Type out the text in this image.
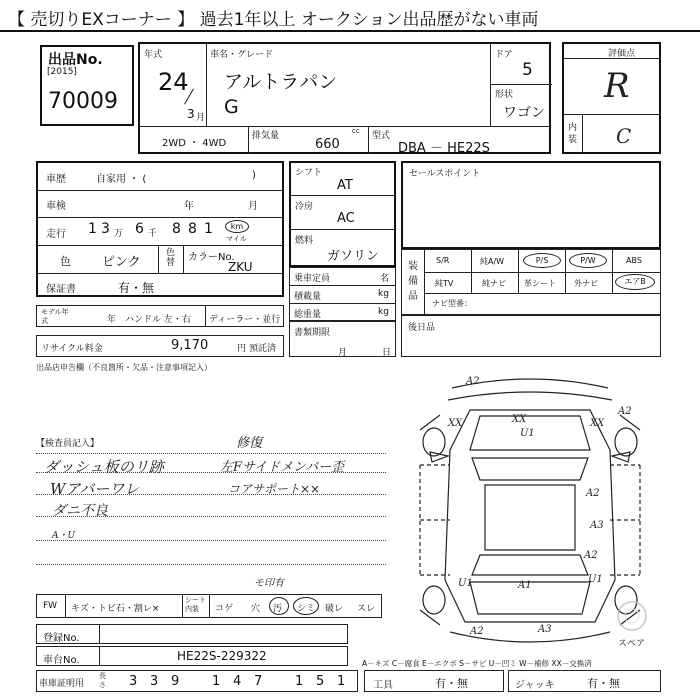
【 売切りEXコーナー 】 過去1年以上 オークション出品歴がない車両
出品No.
[2015]
70009
年式
24
3 月
車名・グレード
アルトラパン
G
ドア
5
形状
ワゴン
2WD ・ 4WD
排気量	cc
660
型式
DBA － HE22S
評価点
R
内装 C
車歴	自家用 ・ (	)
車検	年	月
走行 1 3 万 6 千 8 8 1	km
マイル
色 ピンク
色替 カラーNo.
ZKU
保証書	有・無
モデル年式	年 ハンドル 左・右 ディーラー・並行
リサイクル料金	9,170	円 預託済
シフト
AT
冷房
AC
燃料
ガソリン
乗車定員	名
積載量	kg
総重量	kg
書類期限
月	日
セールスポイント
装備品
S/R	純A/W	P/S	P/W	ABS
純TV	純ナビ 革シート 外ナビ	エアB
ナビ型番：
後日品
出品店申告欄（不良箇所・欠品・注意事項記入）
【検査員記入】
ダッシュ板のリ跡
Wアバーワレ
ダニ不良
A・U
修復
左Fサイドメンバー歪
コアサポート××
モ印有
FW キズ・トビ石・割レ×
シート内装	コゲ 穴 汚 シミ 破レ スレ
登録No.
車台No.	HE22S-229322
車庫証明用
長さ 3 3 9	1 4 7	1 5 1	工具	有・無	ジャッキ	有・無
A－キズ C－腐食 E－エクボ S－サビ U－凹ミ W－補修 XX－交換済
A2
XX	XX
U1
XX
A2
A2
A3
U1
A2
A1
U1
A2	A3
スペア
